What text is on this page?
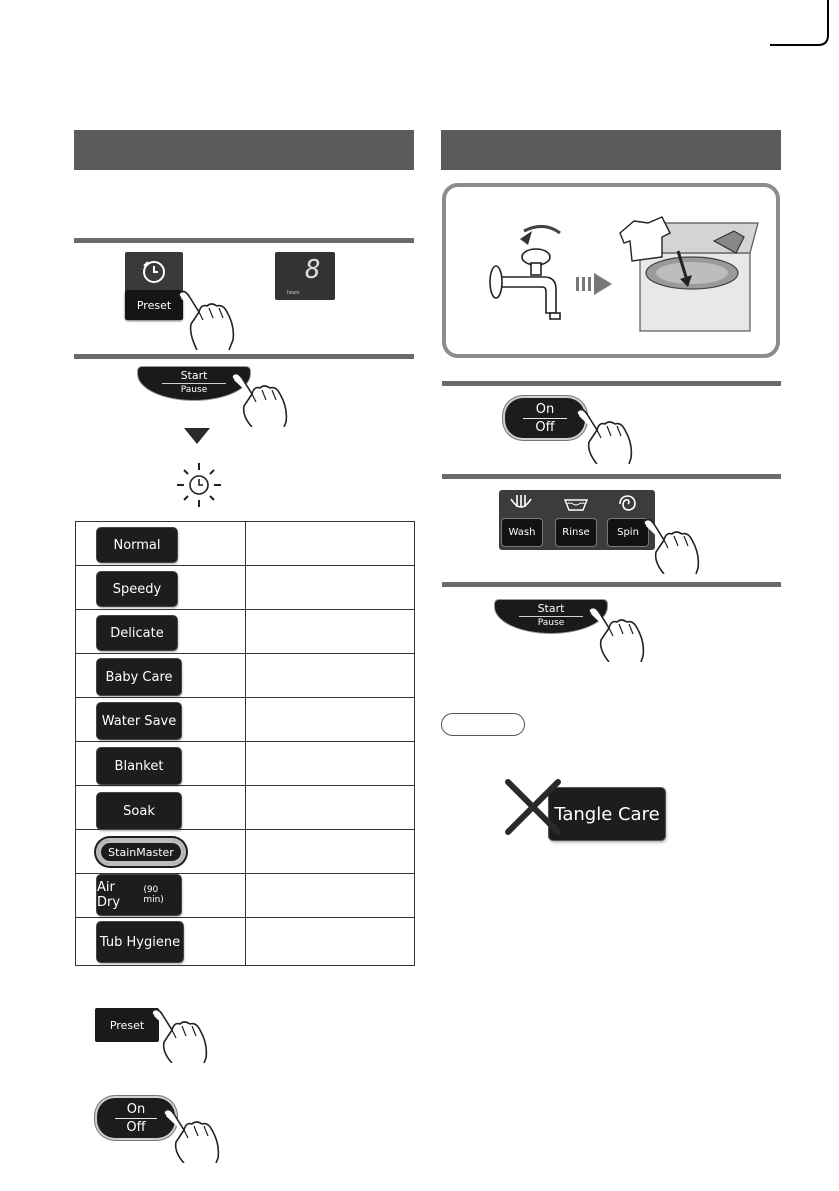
Preset
8
hours
Start
Pause

Normal
Speedy
Delicate
Baby Care
Water Save
Blanket
Soak
StainMaster
Air Dry
(90 min)
Tub Hygiene
Preset
On
Off
On
Off
Wash	Rinse	Spin
Start
Pause
Tangle Care
